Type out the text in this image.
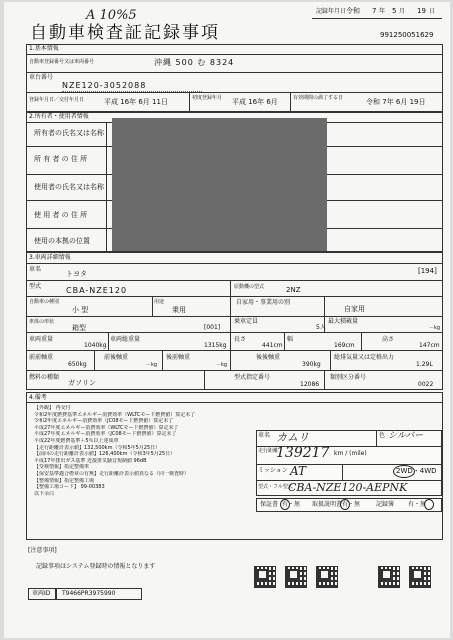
A 10%5	記録年月日 令和 7 年 5 月 19 日
自動車検査証記録事項	991250051629
1.基本情報
自動車登録番号又は車両番号	沖縄 500 む 8324
車台番号
NZE120-3052088
登録年月日／交付年月日	平成 16年 6月 11日	初度登録年月 平成 16年 6月	有効期間の満了する日	令和 7年 6月 19日
2.所有者・使用者情報
所有者の氏名又は名称
所 有 者 の 住 所
使用者の氏名又は名称
使 用 者 の 住 所
使用の本拠の位置
3.車両詳細情報
車名
トヨタ	[194]
型式	CBA-NZE120	原動機の型式	2NZ
自動車の種別
小 型
用途
乗用
自家用・事業用の別
自家用
車体の形状
箱型	[001]
乗車定員
5人
最大積載量
－kg
車両重量
1040kg
車両総重量
1315kg
長さ
441cm
幅
169cm
高さ
147cm
前前軸重
650kg
前後軸重
－kg
後前軸重
－kg
後後軸重
390kg
総排気量又は定格出力
1.29L
燃料の種類
ガソリン
型式指定番号
12086
類別区分番号
0022
4.備考
【外観】 再交付
令和2年度燃費基準エネルギー消費効率（WLTCモード燃費値）算定未了
令和2年度エネルギー消費効率（JC08モード燃費値）算定未了
平成27年度エネルギー消費効率（WLTCモード燃費値）算定未了
平成27年度エネルギー消費効率（JC08モード燃費値）算定未了
平成22年度燃費基準＋5％以上達成車
【走行距離計表示値】132,500km（令和5年5月25日）
【前回の走行距離計表示値】126,400km（令和3年5月25日）
平成17年排出ガス基準 近接排気騒音規制値 96dB
【受検情報】指定整備車
【保安基準適合標章の有無】走行距離計表示値異なる（同一検査時）
【整備情報】指定整備工場
【整備工場コード】 99-00383
以下余白
車名 カムリ	色 シルバー
走行距離
139217 km / (mile)
ミッション AT	2WD・4WD
型式・フル型式
CBA-NZE120-AEPNK
保証書 有・無 取扱説明書 有・無	記録簿 有・無
[注意事項]
記録事項はシステム登録時の情報となります
車両ID T9466PR3975990
